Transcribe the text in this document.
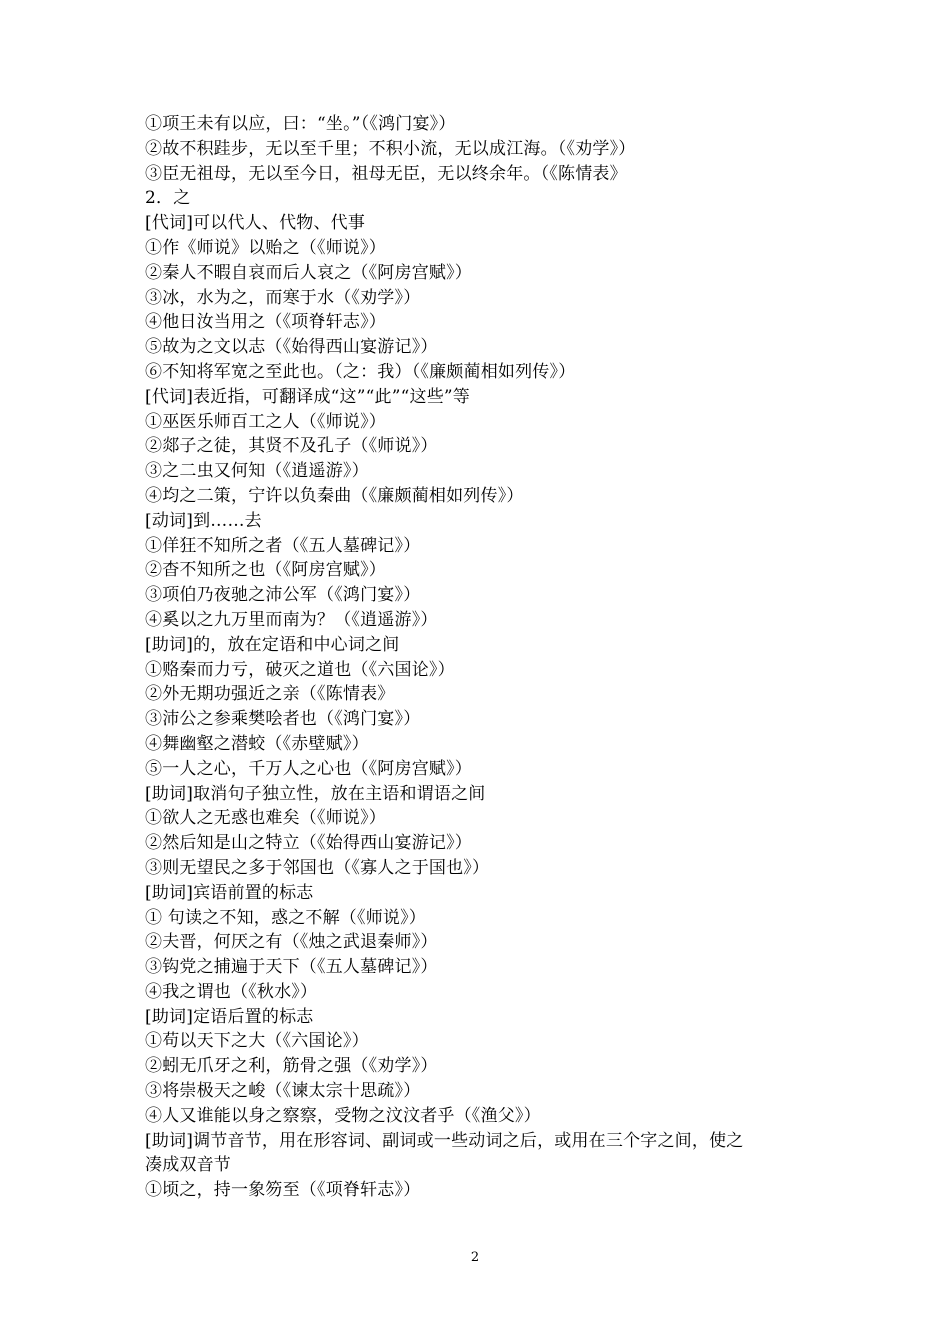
①项王未有以应，曰：“坐。”（《鸿门宴》）
②故不积跬步，无以至千里；不积小流，无以成江海。（《劝学》）
③臣无祖母，无以至今日，祖母无臣，无以终余年。（《陈情表》
2．之
[代词]可以代人、代物、代事
①作《师说》以贻之（《师说》）
②秦人不暇自哀而后人哀之（《阿房宫赋》）
③冰，水为之，而寒于水（《劝学》）
④他日汝当用之（《项脊轩志》）
⑤故为之文以志（《始得西山宴游记》）
⑥不知将军宽之至此也。（之：我）（《廉颇蔺相如列传》）
[代词]表近指，可翻译成“这”“此”“这些”等
①巫医乐师百工之人（《师说》）
②郯子之徒，其贤不及孔子（《师说》）
③之二虫又何知（《逍遥游》）
④均之二策，宁许以负秦曲（《廉颇蔺相如列传》）
[动词]到……去
①佯狂不知所之者（《五人墓碑记》）
②杳不知所之也（《阿房宫赋》）
③项伯乃夜驰之沛公军（《鸿门宴》）
④奚以之九万里而南为？（《逍遥游》）
[助词]的，放在定语和中心词之间
①赂秦而力亏，破灭之道也（《六国论》）
②外无期功强近之亲（《陈情表》
③沛公之参乘樊哙者也（《鸿门宴》）
④舞幽壑之潜蛟（《赤壁赋》）
⑤一人之心，千万人之心也（《阿房宫赋》）
[助词]取消句子独立性，放在主语和谓语之间
①欲人之无惑也难矣（《师说》）
②然后知是山之特立（《始得西山宴游记》）
③则无望民之多于邻国也（《寡人之于国也》）
[助词]宾语前置的标志
① 句读之不知，惑之不解（《师说》）
②夫晋，何厌之有（《烛之武退秦师》）
③钩党之捕遍于天下（《五人墓碑记》）
④我之谓也（《秋水》）
[助词]定语后置的标志
①苟以天下之大（《六国论》）
②蚓无爪牙之利，筋骨之强（《劝学》）
③将崇极天之峻（《谏太宗十思疏》）
④人又谁能以身之察察，受物之汶汶者乎（《渔父》）
[助词]调节音节，用在形容词、副词或一些动词之后，或用在三个字之间，使之
凑成双音节
①顷之，持一象笏至（《项脊轩志》）
2
